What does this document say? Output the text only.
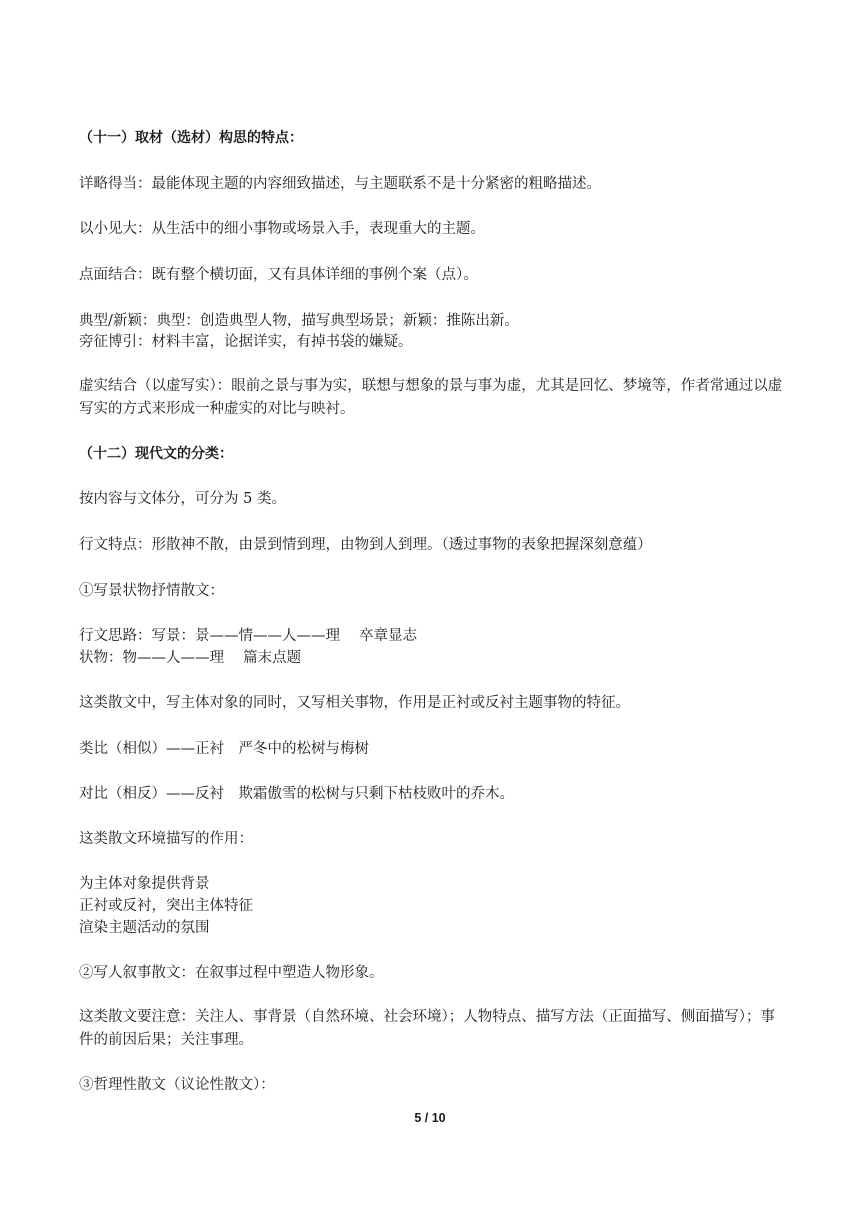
（十一）取材（选材）构思的特点：
详略得当：最能体现主题的内容细致描述，与主题联系不是十分紧密的粗略描述。
以小见大：从生活中的细小事物或场景入手，表现重大的主题。
点面结合：既有整个横切面，又有具体详细的事例个案（点）。
典型/新颖：典型：创造典型人物，描写典型场景；新颖：推陈出新。
旁征博引：材料丰富，论据详实，有掉书袋的嫌疑。
虚实结合（以虚写实）：眼前之景与事为实，联想与想象的景与事为虚，尤其是回忆、梦境等，作者常通过以虚写实的方式来形成一种虚实的对比与映衬。
（十二）现代文的分类：
按内容与文体分，可分为 5 类。
行文特点：形散神不散，由景到情到理，由物到人到理。（透过事物的表象把握深刻意蕴）
①写景状物抒情散文：
行文思路：写景：景——情——人——理　 卒章显志
状物：物——人——理　 篇末点题
这类散文中，写主体对象的同时，又写相关事物，作用是正衬或反衬主题事物的特征。
类比（相似）——正衬　严冬中的松树与梅树
对比（相反）——反衬　欺霜傲雪的松树与只剩下枯枝败叶的乔木。
这类散文环境描写的作用：
为主体对象提供背景
正衬或反衬，突出主体特征
渲染主题活动的氛围
②写人叙事散文：在叙事过程中塑造人物形象。
这类散文要注意：关注人、事背景（自然环境、社会环境）；人物特点、描写方法（正面描写、侧面描写）；事件的前因后果；关注事理。
③哲理性散文（议论性散文）：
5 / 10
